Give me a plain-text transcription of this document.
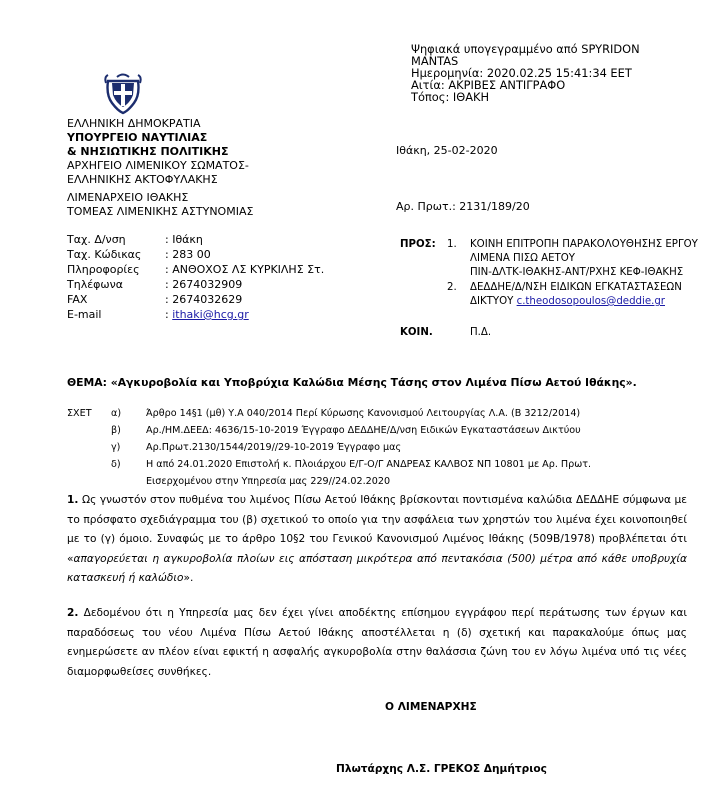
Ψηφιακά υπογεγραμμένο από SPYRIDON
MANTAS
Ημερομηνία: 2020.02.25 15:41:34 EET
Αιτία: ΑΚΡΙΒΕΣ ΑΝΤΙΓΡΑΦΟ
Τόπος: ΙΘΑΚΗ
ΕΛΛΗΝΙΚΗ ΔΗΜΟΚΡΑΤΙΑ
ΥΠΟΥΡΓΕΙΟ ΝΑΥΤΙΛΙΑΣ
& ΝΗΣΙΩΤΙΚΗΣ ΠΟΛΙΤΙΚΗΣ
ΑΡΧΗΓΕΙΟ ΛΙΜΕΝΙΚΟΥ ΣΩΜΑΤΟΣ-
ΕΛΛΗΝΙΚΗΣ ΑΚΤΟΦΥΛΑΚΗΣ
ΛΙΜΕΝΑΡΧΕΙΟ ΙΘΑΚΗΣ
ΤΟΜΕΑΣ ΛΙΜΕΝΙΚΗΣ ΑΣΤΥΝΟΜΙΑΣ
Ταχ. Δ/νση	: Ιθάκη
Ταχ. Κώδικας : 283 00
Πληροφορίες : ΑΝΘΟΧΟΣ ΛΣ ΚΥΡΚΙΛΗΣ Στ.
Τηλέφωνα	: 2674032909
FAX	: 2674032629
E-mail	: ithaki@hcg.gr
Ιθάκη, 25-02-2020
Αρ. Πρωτ.: 2131/189/20
ΠΡΟΣ: 1. ΚΟΙΝΗ ΕΠΙΤΡΟΠΗ ΠΑΡΑΚΟΛΟΥΘΗΣΗΣ ΕΡΓΟΥ
ΛΙΜΕΝΑ ΠΙΣΩ ΑΕΤΟΥ
ΠΙΝ-ΔΛΤΚ-ΙΘΑΚΗΣ-ΑΝΤ/ΡΧΗΣ ΚΕΦ-ΙΘΑΚΗΣ
2. ΔΕΔΔΗΕ/Δ/ΝΣΗ ΕΙΔΙΚΩΝ ΕΓΚΑΤΑΣΤΑΣΕΩΝ
ΔΙΚΤΥΟΥ c.theodosopoulos@deddie.gr
ΚΟΙΝ.	Π.Δ.
ΘΕΜΑ: «Αγκυροβολία και Υποβρύχια Καλώδια Μέσης Τάσης στον Λιμένα Πίσω Αετού Ιθάκης».
ΣΧΕΤ α)	Άρθρο 14§1 (μθ) Υ.Α 040/2014 Περί Κύρωσης Κανονισμού Λειτουργίας Λ.Α. (Β 3212/2014)
β)	Αρ./ΗΜ.ΔΕΕΔ: 4636/15-10-2019 Έγγραφο ΔΕΔΔΗΕ/Δ/νση Ειδικών Εγκαταστάσεων Δικτύου
γ)	Αρ.Πρωτ.2130/1544/2019//29-10-2019 Έγγραφο μας
δ)	Η από 24.01.2020 Επιστολή κ. Πλοιάρχου Ε/Γ-Ο/Γ ΑΝΔΡΕΑΣ ΚΑΛΒΟΣ ΝΠ 10801 με Αρ. Πρωτ.
Εισερχομένου στην Υπηρεσία μας 229//24.02.2020
1. Ως γνωστόν στον πυθμένα του λιμένος Πίσω Αετού Ιθάκης βρίσκονται ποντισμένα καλώδια ΔΕΔΔΗΕ σύμφωνα με το πρόσφατο σχεδιάγραμμα του (β) σχετικού το οποίο για την ασφάλεια των χρηστών του λιμένα έχει κοινοποιηθεί με το (γ) όμοιο. Συναφώς με το άρθρο 10§2 του Γενικού Κανονισμού Λιμένος Ιθάκης (509Β/1978) προβλέπεται ότι «απαγορεύεται η αγκυροβολία πλοίων εις απόσταση μικρότερα από πεντακόσια (500) μέτρα από κάθε υποβρυχία κατασκευή ή καλώδιο».
2. Δεδομένου ότι η Υπηρεσία μας δεν έχει γίνει αποδέκτης επίσημου εγγράφου περί περάτωσης των έργων και παραδόσεως του νέου Λιμένα Πίσω Αετού Ιθάκης αποστέλλεται η (δ) σχετική και παρακαλούμε όπως μας ενημερώσετε αν πλέον είναι εφικτή η ασφαλής αγκυροβολία στην θαλάσσια ζώνη του εν λόγω λιμένα υπό τις νέες διαμορφωθείσες συνθήκες.
Ο ΛΙΜΕΝΑΡΧΗΣ
Πλωτάρχης Λ.Σ. ΓΡΕΚΟΣ Δημήτριος
